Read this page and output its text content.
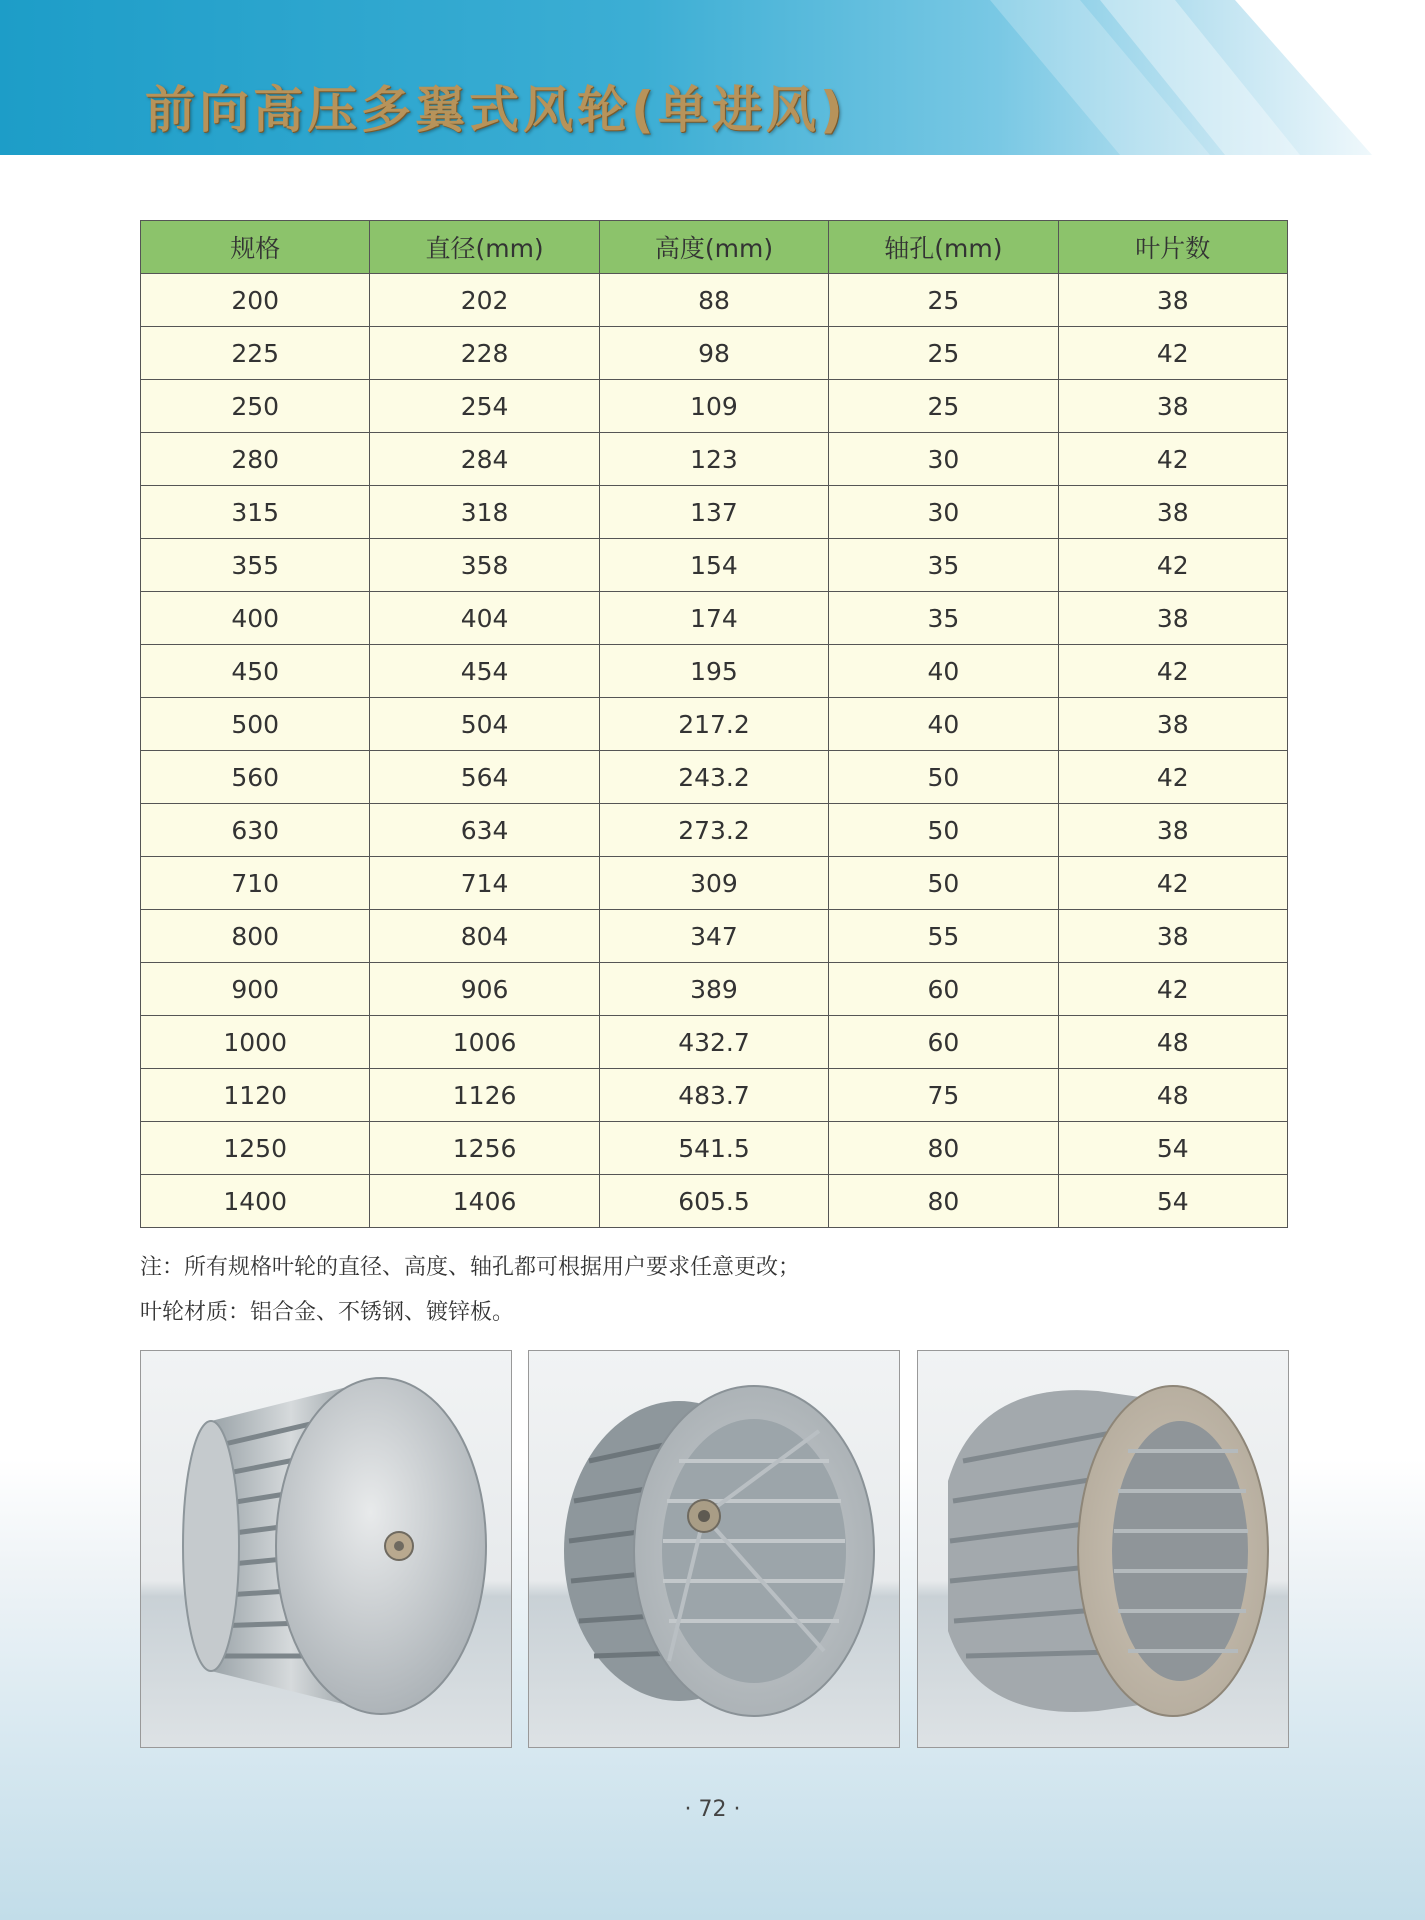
前向高压多翼式风轮(单进风)
规格	直径(mm)	高度(mm)	轴孔(mm)	叶片数
200	202	88	25	38
225	228	98	25	42
250	254	109	25	38
280	284	123	30	42
315	318	137	30	38
355	358	154	35	42
400	404	174	35	38
450	454	195	40	42
500	504	217.2	40	38
560	564	243.2	50	42
630	634	273.2	50	38
710	714	309	50	42
800	804	347	55	38
900	906	389	60	42
1000	1006	432.7	60	48
1120	1126	483.7	75	48
1250	1256	541.5	80	54
1400	1406	605.5	80	54
注：所有规格叶轮的直径、高度、轴孔都可根据用户要求任意更改；
叶轮材质：铝合金、不锈钢、镀锌板。
· 72 ·
